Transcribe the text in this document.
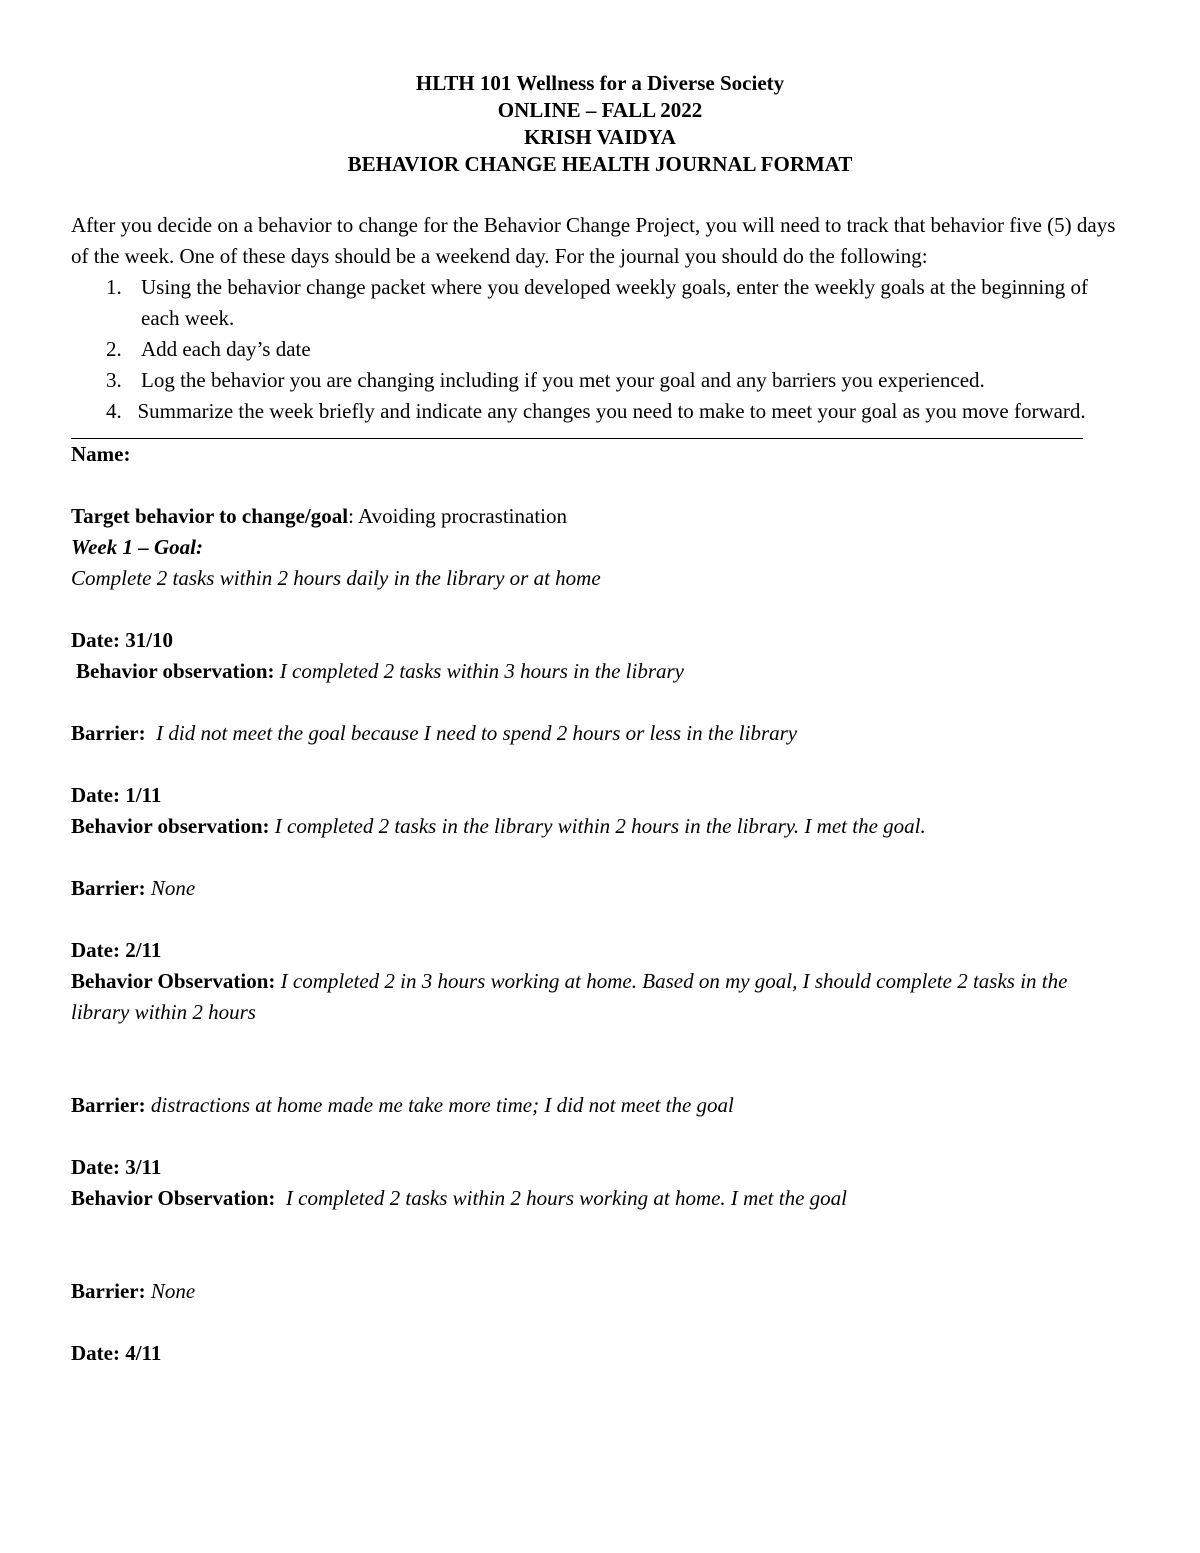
HLTH 101 Wellness for a Diverse Society
ONLINE – FALL 2022
KRISH VAIDYA
BEHAVIOR CHANGE HEALTH JOURNAL FORMAT
After you decide on a behavior to change for the Behavior Change Project, you will need to track that behavior five (5) days of the week. One of these days should be a weekend day. For the journal you should do the following:
1. Using the behavior change packet where you developed weekly goals, enter the weekly goals at the beginning of each week.
2. Add each day’s date
3. Log the behavior you are changing including if you met your goal and any barriers you experienced.
4. Summarize the week briefly and indicate any changes you need to make to meet your goal as you move forward.
Name:
Target behavior to change/goal: Avoiding procrastination
Week 1 – Goal:
Complete 2 tasks within 2 hours daily in the library or at home
Date: 31/10
Behavior observation: I completed 2 tasks within 3 hours in the library
Barrier: I did not meet the goal because I need to spend 2 hours or less in the library
Date: 1/11
Behavior observation: I completed 2 tasks in the library within 2 hours in the library. I met the goal.
Barrier: None
Date: 2/11
Behavior Observation: I completed 2 in 3 hours working at home. Based on my goal, I should complete 2 tasks in the library within 2 hours
Barrier: distractions at home made me take more time; I did not meet the goal
Date: 3/11
Behavior Observation: I completed 2 tasks within 2 hours working at home. I met the goal
Barrier: None
Date: 4/11
